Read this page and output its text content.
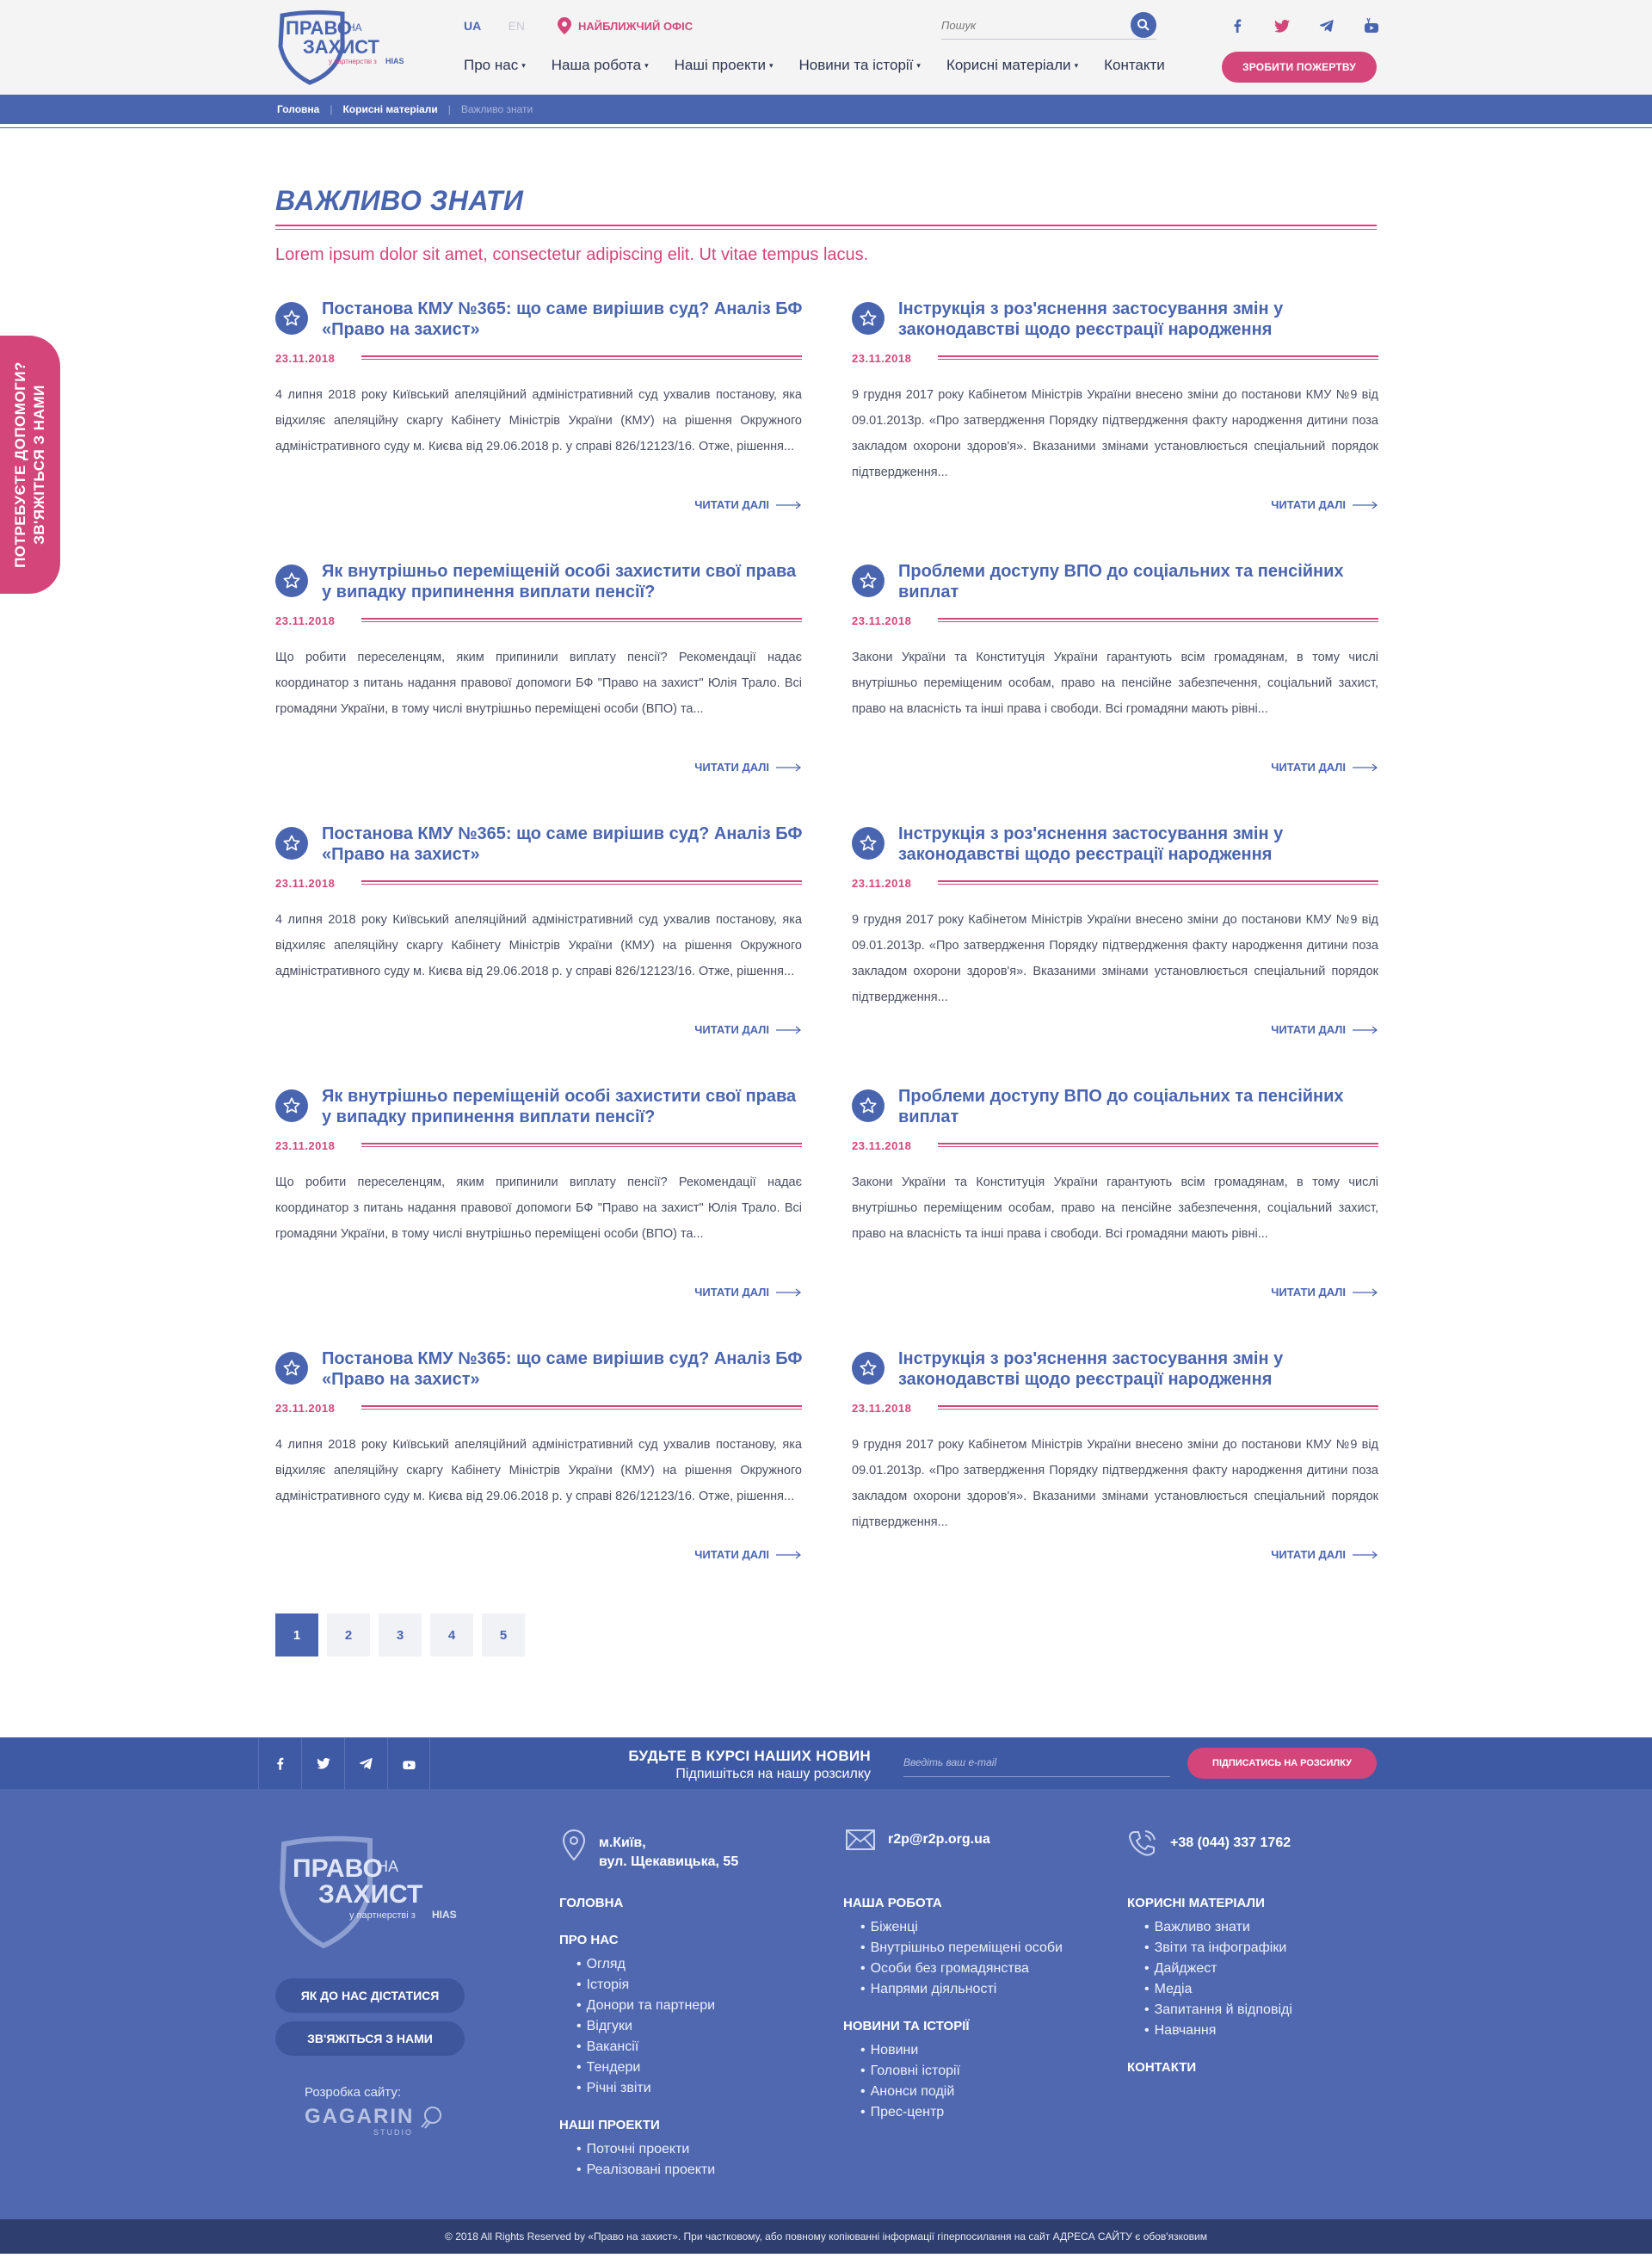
ПРАВО
НА
ЗАХИСТ
у партнерстві з HIAS
UA EN	НАЙБЛИЖЧИЙ ОФІС
Пошук
Про нас ▾ Наша робота ▾ Наші проекти ▾ Новини та історії ▾ Корисні матеріали ▾ Контакти	ЗРОБИТИ ПОЖЕРТВУ
Головна | Корисні матеріали | Важливо знати
ПОТРЕБУЄТЕ ДОПОМОГИ? ЗВ'ЯЖІТЬСЯ З НАМИ
ВАЖЛИВО ЗНАТИ

Lorem ipsum dolor sit amet, consectetur adipiscing elit. Ut vitae tempus lacus.

Постанова КМУ №365: що саме вирішив суд? Аналіз БФ «Право на захист»
23.11.2018

4 липня 2018 року Київський апеляційний адміністративний суд ухвалив постанову, яка відхиляє апеляційну скаргу Кабінету Міністрів України (КМУ) на рішення Окружного адміністративного суду м. Києва від 29.06.2018 р. у справі 826/12123/16. Отже, рішення...

ЧИТАТИ ДАЛІ
Інструкція з роз'яснення застосування змін у законодавстві щодо реєстрації народження
23.11.2018

9 грудня 2017 року Кабінетом Міністрів України внесено зміни до постанови КМУ №9 від 09.01.2013р. «Про затвердження Порядку підтвердження факту народження дитини поза закладом охорони здоров'я». Вказаними змінами установлюється спеціальний порядок підтвердження...

ЧИТАТИ ДАЛІ
Як внутрішньо переміщеній особі захистити свої права у випадку припинення виплати пенсії?
23.11.2018

Що робити переселенцям, яким припинили виплату пенсії? Рекомендації надає координатор з питань надання правової допомоги БФ "Право на захист" Юлія Трало. Всі громадяни України, в тому числі внутрішньо переміщені особи (ВПО) та...

ЧИТАТИ ДАЛІ
Проблеми доступу ВПО до соціальних та пенсійних виплат
23.11.2018

Закони України та Конституція України гарантують всім громадянам, в тому числі внутрішньо переміщеним особам, право на пенсійне забезпечення, соціальний захист, право на власність та інші права і свободи. Всі громадяни мають рівні...

ЧИТАТИ ДАЛІ
Постанова КМУ №365: що саме вирішив суд? Аналіз БФ «Право на захист»
23.11.2018

4 липня 2018 року Київський апеляційний адміністративний суд ухвалив постанову, яка відхиляє апеляційну скаргу Кабінету Міністрів України (КМУ) на рішення Окружного адміністративного суду м. Києва від 29.06.2018 р. у справі 826/12123/16. Отже, рішення...

ЧИТАТИ ДАЛІ
Інструкція з роз'яснення застосування змін у законодавстві щодо реєстрації народження
23.11.2018

9 грудня 2017 року Кабінетом Міністрів України внесено зміни до постанови КМУ №9 від 09.01.2013р. «Про затвердження Порядку підтвердження факту народження дитини поза закладом охорони здоров'я». Вказаними змінами установлюється спеціальний порядок підтвердження...

ЧИТАТИ ДАЛІ
Як внутрішньо переміщеній особі захистити свої права у випадку припинення виплати пенсії?
23.11.2018

Що робити переселенцям, яким припинили виплату пенсії? Рекомендації надає координатор з питань надання правової допомоги БФ "Право на захист" Юлія Трало. Всі громадяни України, в тому числі внутрішньо переміщені особи (ВПО) та...

ЧИТАТИ ДАЛІ
Проблеми доступу ВПО до соціальних та пенсійних виплат
23.11.2018

Закони України та Конституція України гарантують всім громадянам, в тому числі внутрішньо переміщеним особам, право на пенсійне забезпечення, соціальний захист, право на власність та інші права і свободи. Всі громадяни мають рівні...

ЧИТАТИ ДАЛІ
Постанова КМУ №365: що саме вирішив суд? Аналіз БФ «Право на захист»
23.11.2018

4 липня 2018 року Київський апеляційний адміністративний суд ухвалив постанову, яка відхиляє апеляційну скаргу Кабінету Міністрів України (КМУ) на рішення Окружного адміністративного суду м. Києва від 29.06.2018 р. у справі 826/12123/16. Отже, рішення...

ЧИТАТИ ДАЛІ
Інструкція з роз'яснення застосування змін у законодавстві щодо реєстрації народження
23.11.2018

9 грудня 2017 року Кабінетом Міністрів України внесено зміни до постанови КМУ №9 від 09.01.2013р. «Про затвердження Порядку підтвердження факту народження дитини поза закладом охорони здоров'я». Вказаними змінами установлюється спеціальний порядок підтвердження...

ЧИТАТИ ДАЛІ
1	2	3	4	5
БУДЬТЕ В КУРСІ НАШИХ НОВИН
Підпишіться на нашу розсилку
Введіть ваш e-mail	ПІДПИСАТИСЬ НА РОЗСИЛКУ
ПРАВО
НА
ЗАХИСТ
у партнерстві з HIAS
ЯК ДО НАС ДІСТАТИСЯ
ЗВ'ЯЖІТЬСЯ З НАМИ
Розробка сайту:
GAGARIN
STUDIO
м.Київ,
вул. Щекавицька, 55
r2p@r2p.org.ua	+38 (044) 337 1762
ГОЛОВНА
ПРО НАС
• Огляд
• Історія
• Донори та партнери
• Відгуки
• Вакансії
• Тендери
• Річні звіти
НАШІ ПРОЕКТИ
• Поточні проекти
• Реалізовані проекти
НАША РОБОТА
• Біженці
• Внутрішньо переміщені особи
• Особи без громадянства
• Напрями діяльності
НОВИНИ ТА ІСТОРІЇ
• Новини
• Головні історії
• Анонси подій
• Прес-центр
КОРИСНІ МАТЕРІАЛИ
• Важливо знати
• Звіти та інфографіки
• Дайджест
• Медіа
• Запитання й відповіді
• Навчання
КОНТАКТИ
© 2018 All Rights Reserved by «Право на захист». При частковому, або повному копіюванні інформації гіперпосилання на сайт АДРЕСА САЙТУ є обов'язковим
